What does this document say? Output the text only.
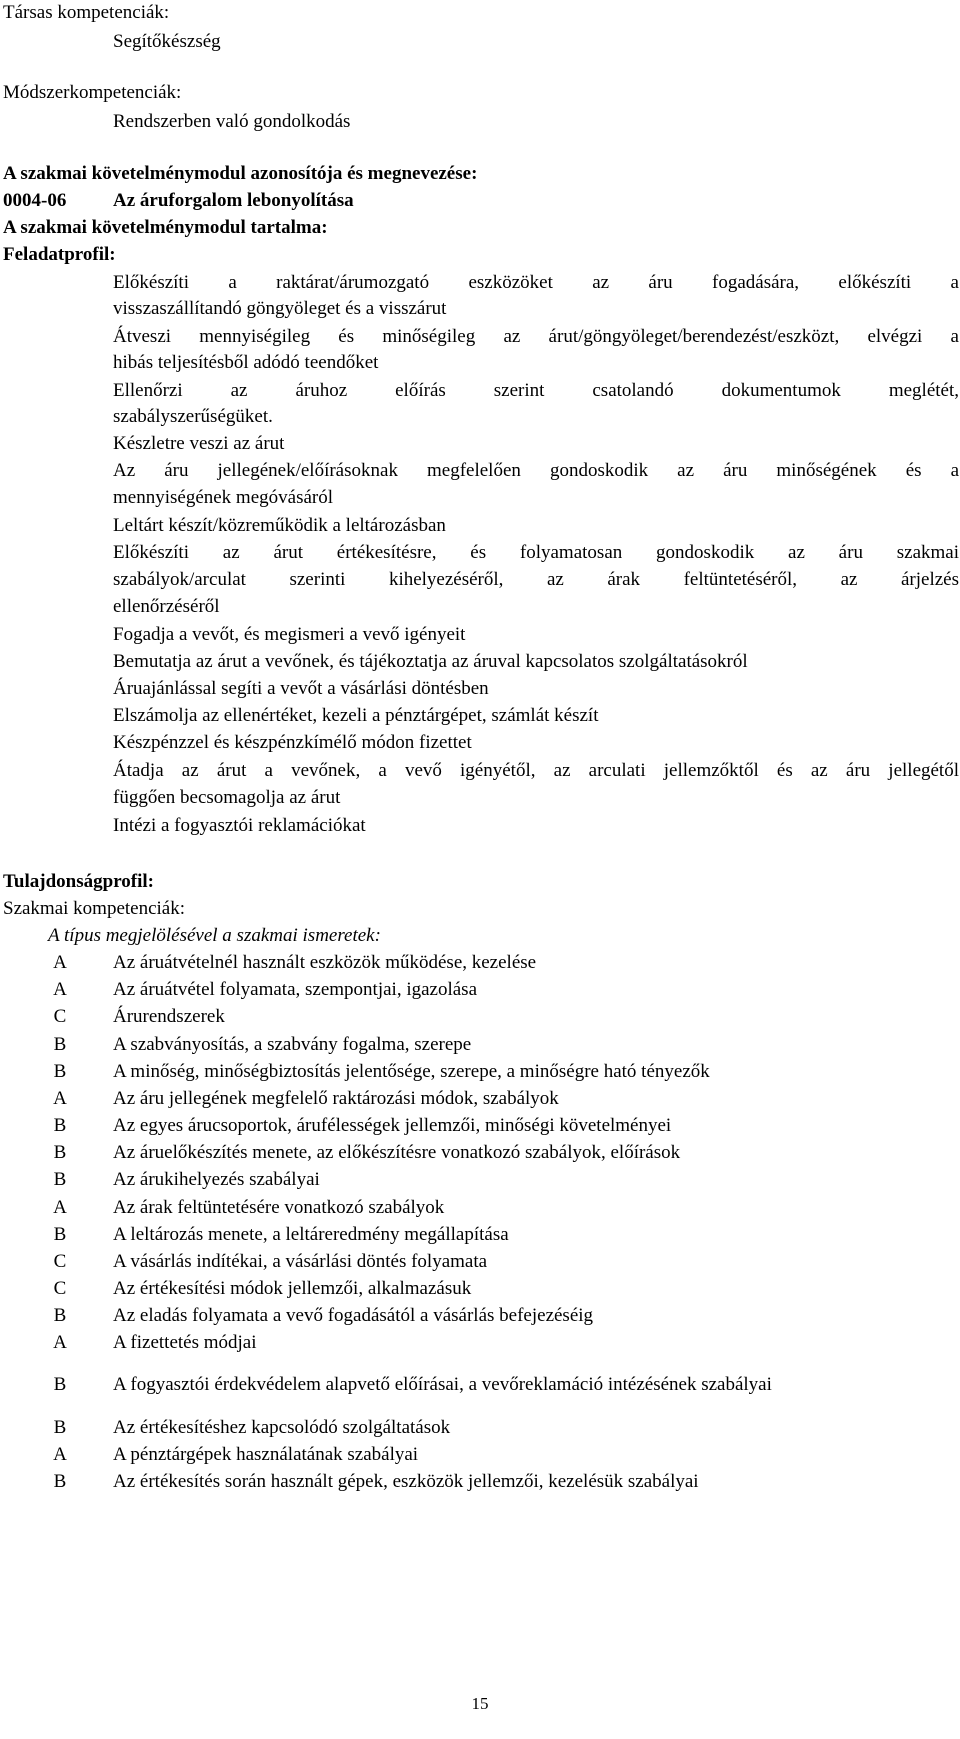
Társas kompetenciák:
Segítőkészség
Módszerkompetenciák:
Rendszerben való gondolkodás
A szakmai követelménymodul azonosítója és megnevezése:
0004-06 Az áruforgalom lebonyolítása
A szakmai követelménymodul tartalma:
Feladatprofil:
Előkészíti a raktárat/árumozgató eszközöket az áru fogadására, előkészíti a
visszaszállítandó göngyöleget és a visszárut
Átveszi mennyiségileg és minőségileg az árut/göngyöleget/berendezést/eszközt, elvégzi a
hibás teljesítésből adódó teendőket
Ellenőrzi az áruhoz előírás szerint csatolandó dokumentumok meglétét,
szabályszerűségüket.
Készletre veszi az árut
Az áru jellegének/előírásoknak megfelelően gondoskodik az áru minőségének és a
mennyiségének megóvásáról
Leltárt készít/közreműködik a leltározásban
Előkészíti az árut értékesítésre, és folyamatosan gondoskodik az áru szakmai
szabályok/arculat szerinti kihelyezéséről, az árak feltüntetéséről, az árjelzés
ellenőrzéséről
Fogadja a vevőt, és megismeri a vevő igényeit
Bemutatja az árut a vevőnek, és tájékoztatja az áruval kapcsolatos szolgáltatásokról
Áruajánlással segíti a vevőt a vásárlási döntésben
Elszámolja az ellenértéket, kezeli a pénztárgépet, számlát készít
Készpénzzel és készpénzkímélő módon fizettet
Átadja az árut a vevőnek, a vevő igényétől, az arculati jellemzőktől és az áru jellegétől
függően becsomagolja az árut
Intézi a fogyasztói reklamációkat
Tulajdonságprofil:
Szakmai kompetenciák:
A típus megjelölésével a szakmai ismeretek:
A Az áruátvételnél használt eszközök működése, kezelése
A Az áruátvétel folyamata, szempontjai, igazolása
C Árurendszerek
B A szabványosítás, a szabvány fogalma, szerepe
B A minőség, minőségbiztosítás jelentősége, szerepe, a minőségre ható tényezők
A Az áru jellegének megfelelő raktározási módok, szabályok
B Az egyes árucsoportok, árufélességek jellemzői, minőségi követelményei
B Az áruelőkészítés menete, az előkészítésre vonatkozó szabályok, előírások
B Az árukihelyezés szabályai
A Az árak feltüntetésére vonatkozó szabályok
B A leltározás menete, a leltáreredmény megállapítása
C A vásárlás indítékai, a vásárlási döntés folyamata
C Az értékesítési módok jellemzői, alkalmazásuk
B Az eladás folyamata a vevő fogadásától a vásárlás befejezéséig
A A fizettetés módjai
B A fogyasztói érdekvédelem alapvető előírásai, a vevőreklamáció intézésének szabályai
B Az értékesítéshez kapcsolódó szolgáltatások
A A pénztárgépek használatának szabályai
B Az értékesítés során használt gépek, eszközök jellemzői, kezelésük szabályai
15
